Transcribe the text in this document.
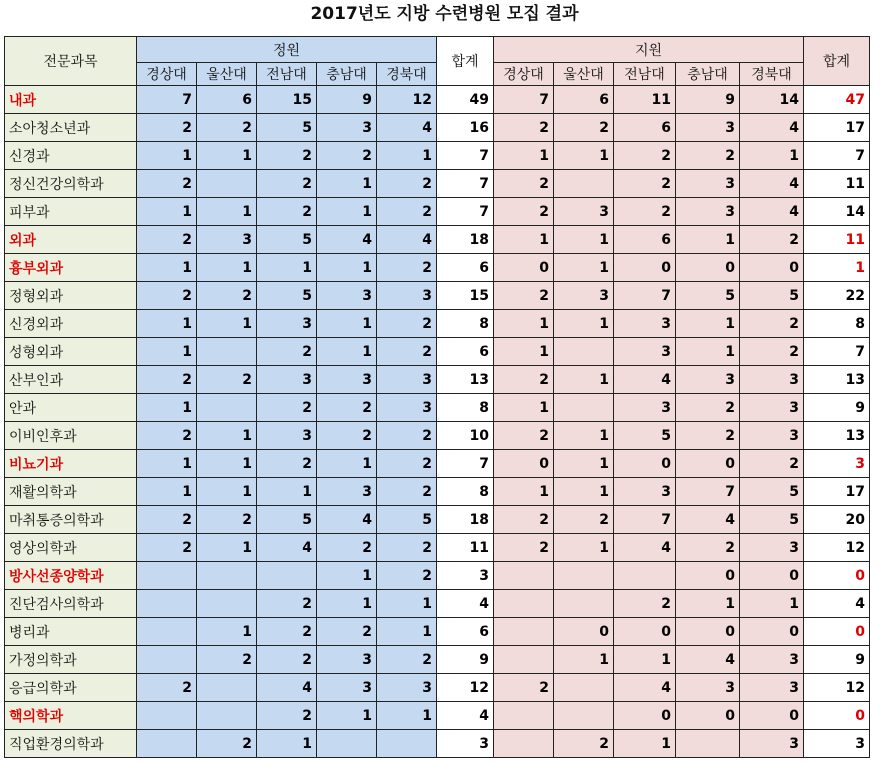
2017년도 지방 수련병원 모집 결과
전문과목	정원					합계	지원					합계
	경상대	울산대	전남대	충남대	경북대		경상대	울산대	전남대	충남대	경북대	
내과	7	6	15	9	12	49	7	6	11	9	14	47
소아청소년과	2	2	5	3	4	16	2	2	6	3	4	17
신경과	1	1	2	2	1	7	1	1	2	2	1	7
정신건강의학과	2		2	1	2	7	2		2	3	4	11
피부과	1	1	2	1	2	7	2	3	2	3	4	14
외과	2	3	5	4	4	18	1	1	6	1	2	11
흉부외과	1	1	1	1	2	6	0	1	0	0	0	1
정형외과	2	2	5	3	3	15	2	3	7	5	5	22
신경외과	1	1	3	1	2	8	1	1	3	1	2	8
성형외과	1		2	1	2	6	1		3	1	2	7
산부인과	2	2	3	3	3	13	2	1	4	3	3	13
안과	1		2	2	3	8	1		3	2	3	9
이비인후과	2	1	3	2	2	10	2	1	5	2	3	13
비뇨기과	1	1	2	1	2	7	0	1	0	0	2	3
재활의학과	1	1	1	3	2	8	1	1	3	7	5	17
마취통증의학과	2	2	5	4	5	18	2	2	7	4	5	20
영상의학과	2	1	4	2	2	11	2	1	4	2	3	12
방사선종양학과				1	2	3				0	0	0
진단검사의학과			2	1	1	4			2	1	1	4
병리과		1	2	2	1	6		0	0	0	0	0
가정의학과		2	2	3	2	9		1	1	4	3	9
응급의학과	2		4	3	3	12	2		4	3	3	12
핵의학과			2	1	1	4			0	0	0	0
직업환경의학과		2	1			3		2	1		3	3
